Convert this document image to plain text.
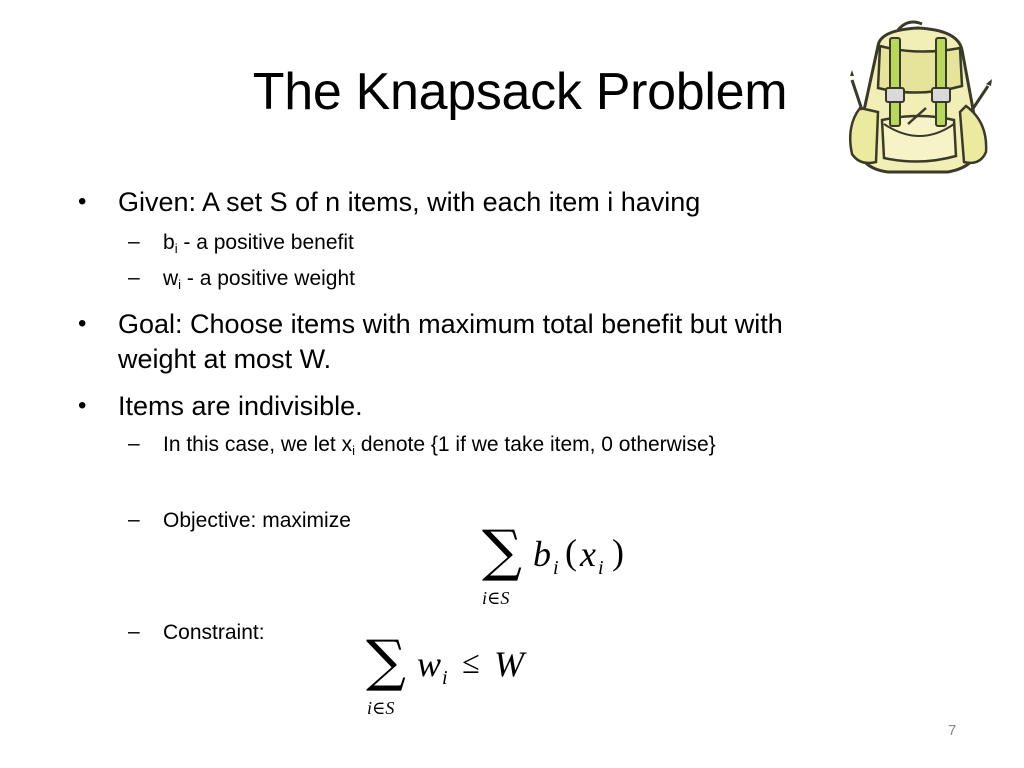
The Knapsack Problem
• Given: A set S of n items, with each item i having
– $b_i$ - a positive benefit
– $w_i$ - a positive weight
• Goal: Choose items with maximum total benefit but with
weight at most W.
• Items are indivisible.
– In this case, we let $x_i$ denote {1 if we take item, 0 otherwise}
– Objective: maximize
– Constraint:
∑
i∈S
b i ( x i )
∑
i∈S
w i ≤ W
7
